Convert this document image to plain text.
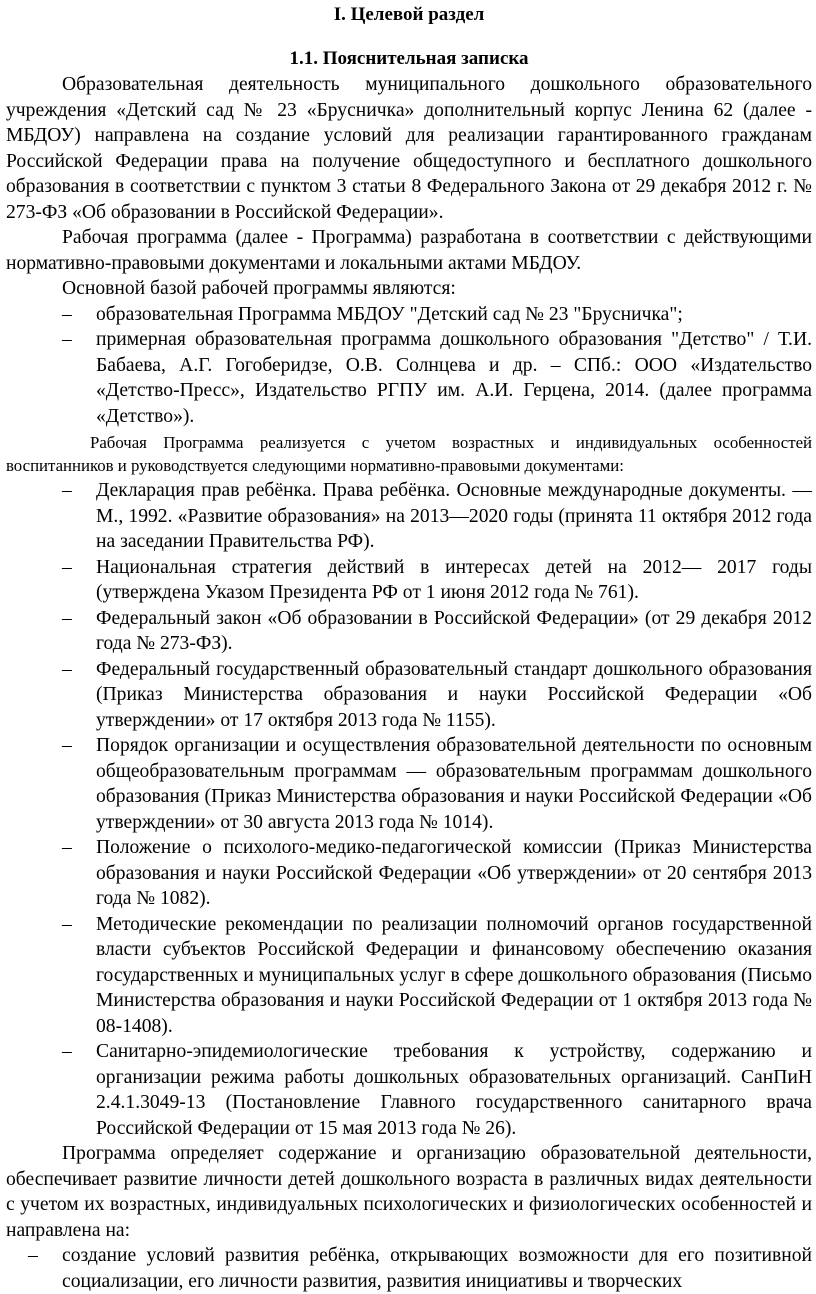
I. Целевой раздел
1.1. Пояснительная записка

Образовательная деятельность муниципального дошкольного образовательного учреждения «Детский сад № 23 «Брусничка» дополнительный корпус Ленина 62 (далее - МБДОУ) направлена на создание условий для реализации гарантированного гражданам Российской Федерации права на получение общедоступного и бесплатного дошкольного образования в соответствии с пунктом 3 статьи 8 Федерального Закона от 29 декабря 2012 г. № 273-ФЗ «Об образовании в Российской Федерации».

Рабочая программа (далее - Программа) разработана в соответствии с действующими нормативно-правовыми документами и локальными актами МБДОУ.

Основной базой рабочей программы являются:

– образовательная Программа МБДОУ "Детский сад № 23 "Брусничка";
– примерная образовательная программа дошкольного образования "Детство" / Т.И. Бабаева, А.Г. Гогоберидзе, О.В. Солнцева и др. – СПб.: ООО «Издательство «Детство-Пресс», Издательство РГПУ им. А.И. Герцена, 2014. (далее программа «Детство»).

Рабочая Программа реализуется с учетом возрастных и индивидуальных особенностей воспитанников и руководствуется следующими нормативно-правовыми документами:

– Декларация прав ребёнка. Права ребёнка. Основные международные документы. — М., 1992. «Развитие образования» на 2013—2020 годы (принята 11 октября 2012 года на заседании Правительства РФ).
– Национальная стратегия действий в интересах детей на 2012— 2017 годы (утверждена Указом Президента РФ от 1 июня 2012 года № 761).
– Федеральный закон «Об образовании в Российской Федерации» (от 29 декабря 2012 года № 273-ФЗ).
– Федеральный государственный образовательный стандарт дошкольного образования (Приказ Министерства образования и науки Российской Федерации «Об утверждении» от 17 октября 2013 года № 1155).
– Порядок организации и осуществления образовательной деятельности по основным общеобразовательным программам — образовательным программам дошкольного образования (Приказ Министерства образования и науки Российской Федерации «Об утверждении» от 30 августа 2013 года № 1014).
– Положение о психолого-медико-педагогической комиссии (Приказ Министерства образования и науки Российской Федерации «Об утверждении» от 20 сентября 2013 года № 1082).
– Методические рекомендации по реализации полномочий органов государственной власти субъектов Российской Федерации и финансовому обеспечению оказания государственных и муниципальных услуг в сфере дошкольного образования (Письмо Министерства образования и науки Российской Федерации от 1 октября 2013 года № 08-1408).
– Санитарно-эпидемиологические требования к устройству, содержанию и организации режима работы дошкольных образовательных организаций. СанПиН 2.4.1.3049-13 (Постановление Главного государственного санитарного врача Российской Федерации от 15 мая 2013 года № 26).

Программа определяет содержание и организацию образовательной деятельности, обеспечивает развитие личности детей дошкольного возраста в различных видах деятельности с учетом их возрастных, индивидуальных психологических и физиологических особенностей и направлена на:

– создание условий развития ребёнка, открывающих возможности для его позитивной социализации, его личности развития, развития инициативы и творческих
